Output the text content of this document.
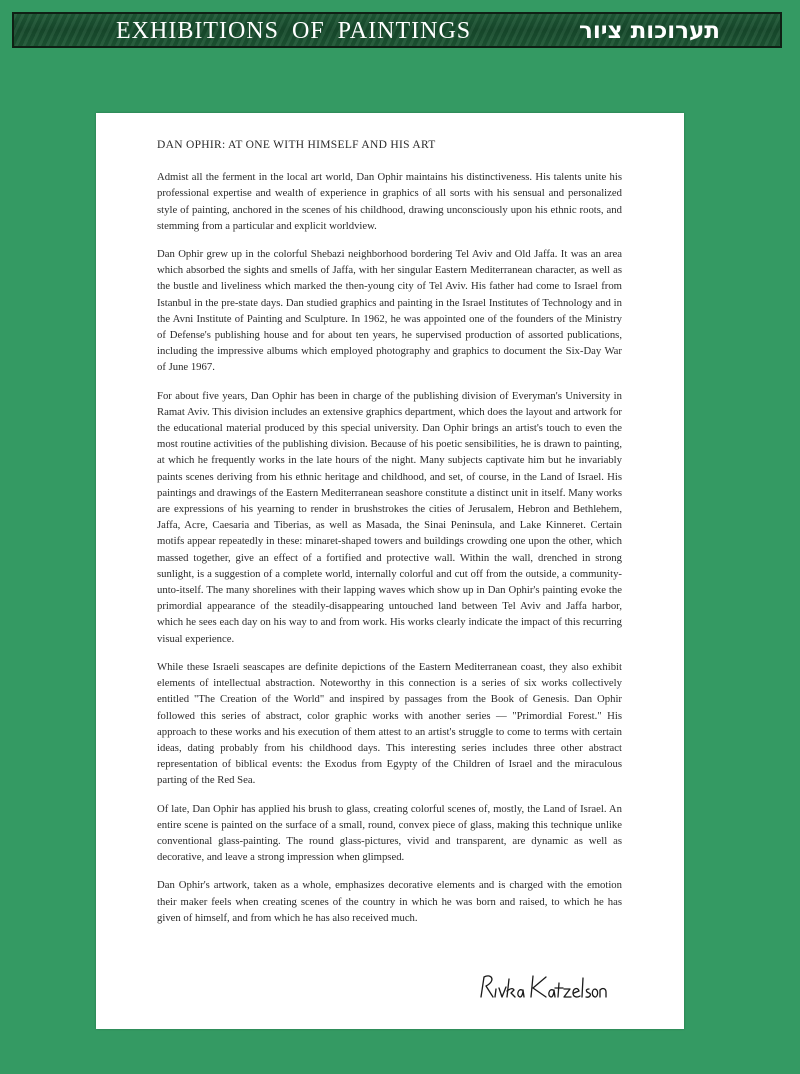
EXHIBITIONS OF PAINTINGS	תערוכות ציור
DAN OPHIR: AT ONE WITH HIMSELF AND HIS ART

Admist all the ferment in the local art world, Dan Ophir maintains his distinctiveness. His talents unite his professional expertise and wealth of experience in graphics of all sorts with his sensual and personalized style of painting, anchored in the scenes of his childhood, drawing unconsciously upon his ethnic roots, and stemming from a particular and explicit worldview.

Dan Ophir grew up in the colorful Shebazi neighborhood bordering Tel Aviv and Old Jaffa. It was an area which absorbed the sights and smells of Jaffa, with her singular Eastern Mediterranean character, as well as the bustle and liveliness which marked the then-young city of Tel Aviv. His father had come to Israel from Istanbul in the pre-state days. Dan studied graphics and painting in the Israel Institutes of Technology and in the Avni Institute of Painting and Sculpture. In 1962, he was appointed one of the founders of the Ministry of Defense's publishing house and for about ten years, he supervised production of assorted publications, including the impressive albums which employed photography and graphics to document the Six-Day War of June 1967.

For about five years, Dan Ophir has been in charge of the publishing division of Everyman's University in Ramat Aviv. This division includes an extensive graphics department, which does the layout and artwork for the educational material produced by this special university. Dan Ophir brings an artist's touch to even the most routine activities of the publishing division. Because of his poetic sensibilities, he is drawn to painting, at which he frequently works in the late hours of the night. Many subjects captivate him but he invariably paints scenes deriving from his ethnic heritage and childhood, and set, of course, in the Land of Israel. His paintings and drawings of the Eastern Mediterranean seashore constitute a distinct unit in itself. Many works are expressions of his yearning to render in brushstrokes the cities of Jerusalem, Hebron and Bethlehem, Jaffa, Acre, Caesaria and Tiberias, as well as Masada, the Sinai Peninsula, and Lake Kinneret. Certain motifs appear repeatedly in these: minaret-shaped towers and buildings crowding one upon the other, which massed together, give an effect of a fortified and protective wall. Within the wall, drenched in strong sunlight, is a suggestion of a complete world, internally colorful and cut off from the outside, a community-unto-itself. The many shorelines with their lapping waves which show up in Dan Ophir's painting evoke the primordial appearance of the steadily-disappearing untouched land between Tel Aviv and Jaffa harbor, which he sees each day on his way to and from work. His works clearly indicate the impact of this recurring visual experience.

While these Israeli seascapes are definite depictions of the Eastern Mediterranean coast, they also exhibit elements of intellectual abstraction. Noteworthy in this connection is a series of six works collectively entitled "The Creation of the World" and inspired by passages from the Book of Genesis. Dan Ophir followed this series of abstract, color graphic works with another series — "Primordial Forest." His approach to these works and his execution of them attest to an artist's struggle to come to terms with certain ideas, dating probably from his childhood days. This interesting series includes three other abstract representation of biblical events: the Exodus from Egypty of the Children of Israel and the miraculous parting of the Red Sea.

Of late, Dan Ophir has applied his brush to glass, creating colorful scenes of, mostly, the Land of Israel. An entire scene is painted on the surface of a small, round, convex piece of glass, making this technique unlike conventional glass-painting. The round glass-pictures, vivid and transparent, are dynamic as well as decorative, and leave a strong impression when glimpsed.

Dan Ophir's artwork, taken as a whole, emphasizes decorative elements and is charged with the emotion their maker feels when creating scenes of the country in which he was born and raised, to which he has given of himself, and from which he has also received much.
